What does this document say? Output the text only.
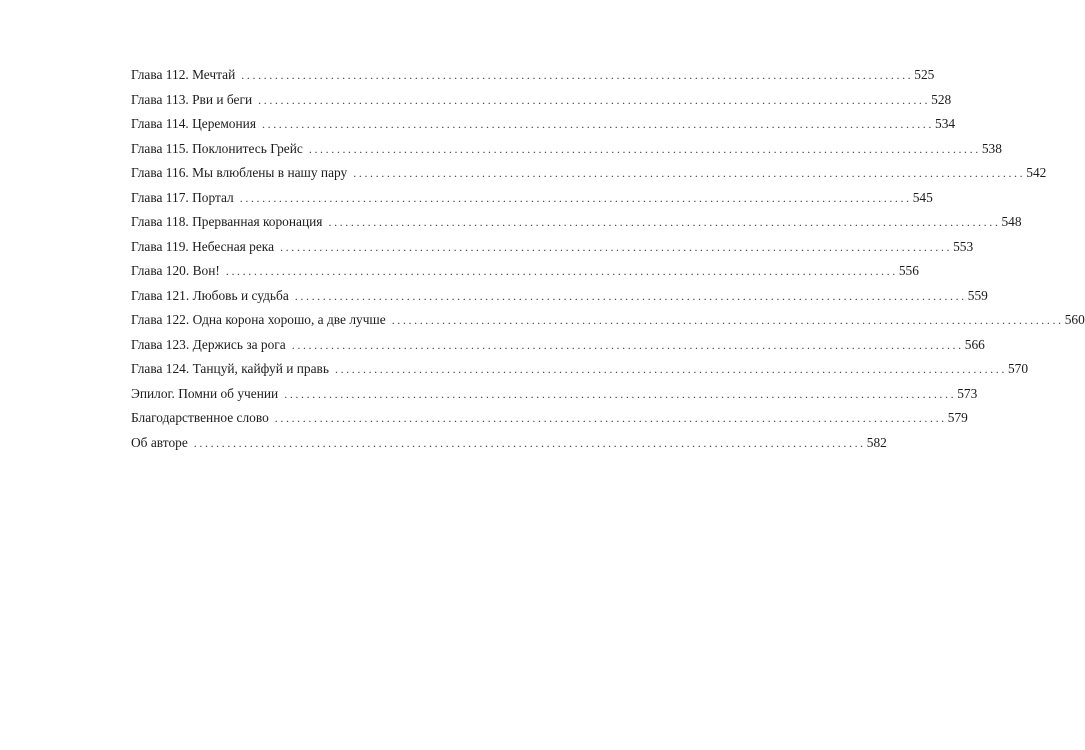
Глава 112. Мечтай ........................................................................................................................ 525
Глава 113. Рви и беги ........................................................................................................................ 528
Глава 114. Церемония ........................................................................................................................ 534
Глава 115. Поклонитесь Грейс ........................................................................................................................ 538
Глава 116. Мы влюблены в нашу пару ........................................................................................................................ 542
Глава 117. Портал ........................................................................................................................ 545
Глава 118. Прерванная коронация ........................................................................................................................ 548
Глава 119. Небесная река ........................................................................................................................ 553
Глава 120. Вон! ........................................................................................................................ 556
Глава 121. Любовь и судьба ........................................................................................................................ 559
Глава 122. Одна корона хорошо, а две лучше ........................................................................................................................ 560
Глава 123. Держись за рога ........................................................................................................................ 566
Глава 124. Танцуй, кайфуй и правь ........................................................................................................................ 570
Эпилог. Помни об учении ........................................................................................................................ 573
Благодарственное слово ........................................................................................................................ 579
Об авторе ........................................................................................................................ 582
